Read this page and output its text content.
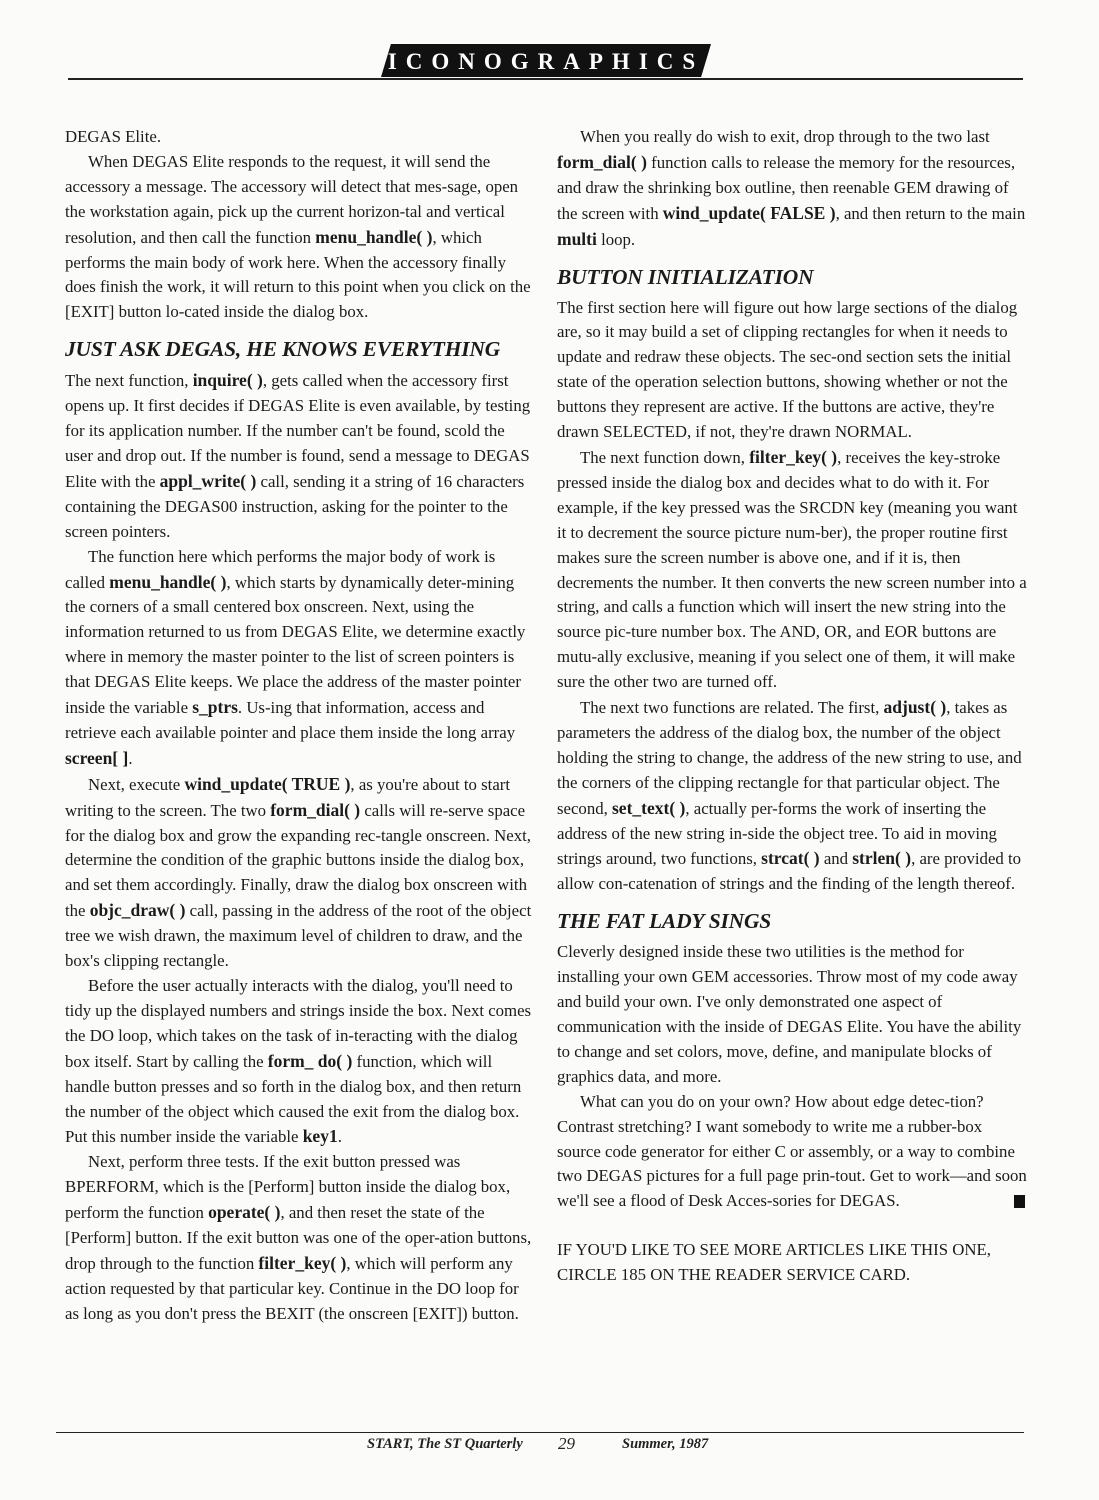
ICONOGRAPHICS

DEGAS Elite.

When DEGAS Elite responds to the request, it will send the accessory a message. The accessory will detect that mes-sage, open the workstation again, pick up the current horizon-tal and vertical resolution, and then call the function menu_handle( ), which performs the main body of work here. When the accessory finally does finish the work, it will return to this point when you click on the [EXIT] button lo-cated inside the dialog box.

JUST ASK DEGAS, HE KNOWS EVERYTHING

The next function, inquire( ), gets called when the accessory first opens up. It first decides if DEGAS Elite is even available, by testing for its application number. If the number can't be found, scold the user and drop out. If the number is found, send a message to DEGAS Elite with the appl_write( ) call, sending it a string of 16 characters containing the DEGAS00 instruction, asking for the pointer to the screen pointers.

The function here which performs the major body of work is called menu_handle( ), which starts by dynamically deter-mining the corners of a small centered box onscreen. Next, using the information returned to us from DEGAS Elite, we determine exactly where in memory the master pointer to the list of screen pointers is that DEGAS Elite keeps. We place the address of the master pointer inside the variable s_ptrs. Us-ing that information, access and retrieve each available pointer and place them inside the long array screen[ ].

Next, execute wind_update( TRUE ), as you're about to start writing to the screen. The two form_dial( ) calls will re-serve space for the dialog box and grow the expanding rec-tangle onscreen. Next, determine the condition of the graphic buttons inside the dialog box, and set them accordingly. Finally, draw the dialog box onscreen with the objc_draw( ) call, passing in the address of the root of the object tree we wish drawn, the maximum level of children to draw, and the box's clipping rectangle.

Before the user actually interacts with the dialog, you'll need to tidy up the displayed numbers and strings inside the box. Next comes the DO loop, which takes on the task of in-teracting with the dialog box itself. Start by calling the form_ do( ) function, which will handle button presses and so forth in the dialog box, and then return the number of the object which caused the exit from the dialog box. Put this number inside the variable key1.

Next, perform three tests. If the exit button pressed was BPERFORM, which is the [Perform] button inside the dialog box, perform the function operate( ), and then reset the state of the [Perform] button. If the exit button was one of the oper-ation buttons, drop through to the function filter_key( ), which will perform any action requested by that particular key. Continue in the DO loop for as long as you don't press the BEXIT (the onscreen [EXIT]) button.

When you really do wish to exit, drop through to the two last form_dial( ) function calls to release the memory for the resources, and draw the shrinking box outline, then reenable GEM drawing of the screen with wind_update( FALSE ), and then return to the main multi loop.

BUTTON INITIALIZATION

The first section here will figure out how large sections of the dialog are, so it may build a set of clipping rectangles for when it needs to update and redraw these objects. The sec-ond section sets the initial state of the operation selection buttons, showing whether or not the buttons they represent are active. If the buttons are active, they're drawn SELECTED, if not, they're drawn NORMAL.

The next function down, filter_key( ), receives the key-stroke pressed inside the dialog box and decides what to do with it. For example, if the key pressed was the SRCDN key (meaning you want it to decrement the source picture num-ber), the proper routine first makes sure the screen number is above one, and if it is, then decrements the number. It then converts the new screen number into a string, and calls a function which will insert the new string into the source pic-ture number box. The AND, OR, and EOR buttons are mutu-ally exclusive, meaning if you select one of them, it will make sure the other two are turned off.

The next two functions are related. The first, adjust( ), takes as parameters the address of the dialog box, the number of the object holding the string to change, the address of the new string to use, and the corners of the clipping rectangle for that particular object. The second, set_text( ), actually per-forms the work of inserting the address of the new string in-side the object tree. To aid in moving strings around, two functions, strcat( ) and strlen( ), are provided to allow con-catenation of strings and the finding of the length thereof.

THE FAT LADY SINGS

Cleverly designed inside these two utilities is the method for installing your own GEM accessories. Throw most of my code away and build your own. I've only demonstrated one aspect of communication with the inside of DEGAS Elite. You have the ability to change and set colors, move, define, and manipulate blocks of graphics data, and more.

What can you do on your own? How about edge detec-tion? Contrast stretching? I want somebody to write me a rubber-box source code generator for either C or assembly, or a way to combine two DEGAS pictures for a full page prin-tout. Get to work—and soon we'll see a flood of Desk Acces-sories for DEGAS.

IF YOU'D LIKE TO SEE MORE ARTICLES LIKE THIS ONE, CIRCLE 185 ON THE READER SERVICE CARD.

START, The ST Quarterly 29	Summer, 1987
